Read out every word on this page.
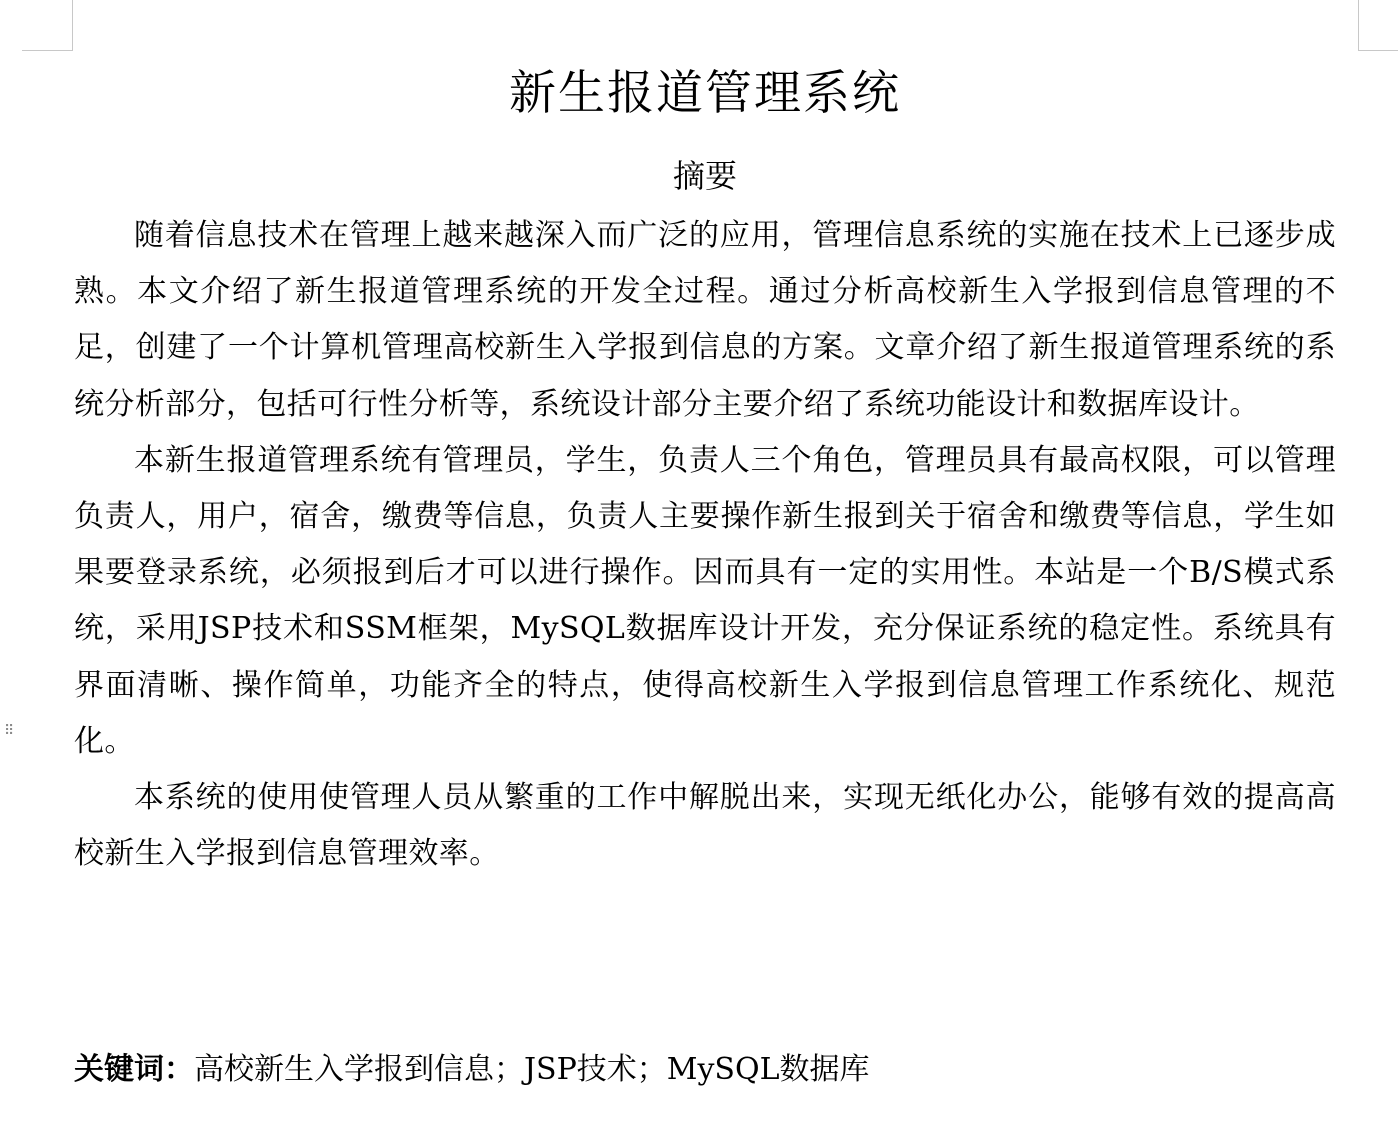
⠿
新生报道管理系统
摘要

随着信息技术在管理上越来越深入而广泛的应用，管理信息系统的实施在技术上已逐步成熟。本文介绍了新生报道管理系统的开发全过程。通过分析高校新生入学报到信息管理的不足，创建了一个计算机管理高校新生入学报到信息的方案。文章介绍了新生报道管理系统的系统分析部分，包括可行性分析等，系统设计部分主要介绍了系统功能设计和数据库设计。

本新生报道管理系统有管理员，学生，负责人三个角色，管理员具有最高权限，可以管理负责人，用户，宿舍，缴费等信息，负责人主要操作新生报到关于宿舍和缴费等信息，学生如果要登录系统，必须报到后才可以进行操作。因而具有一定的实用性。本站是一个B/S模式系统，采用JSP技术和SSM框架，MySQL数据库设计开发，充分保证系统的稳定性。系统具有界面清晰、操作简单，功能齐全的特点，使得高校新生入学报到信息管理工作系统化、规范化。

本系统的使用使管理人员从繁重的工作中解脱出来，实现无纸化办公，能够有效的提高高校新生入学报到信息管理效率。

关键词：高校新生入学报到信息；JSP技术；MySQL数据库
